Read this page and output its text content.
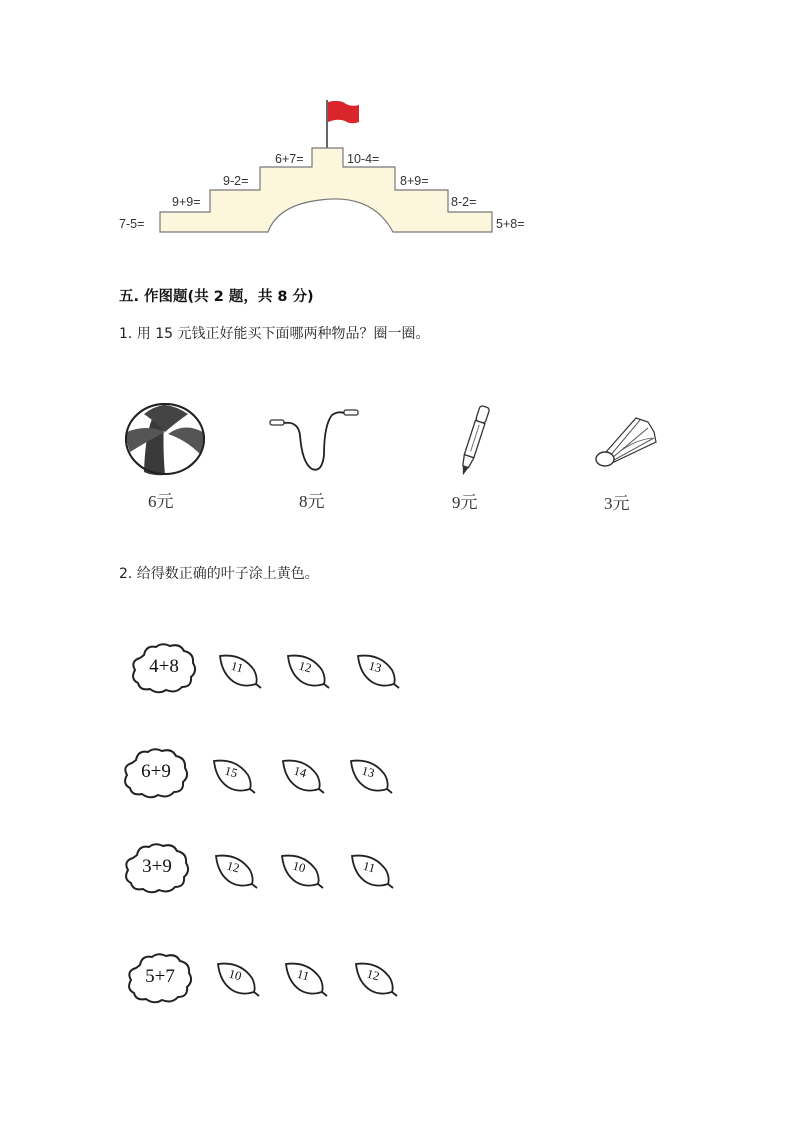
7-5=
9+9=
9-2=
6+7=	10-4=
8+9=
8-2=
5+8=
五. 作图题(共 2 题，共 8 分)
1. 用 15 元钱正好能买下面哪两种物品？圈一圈。
6元	8元	9元	3元
2. 给得数正确的叶子涂上黄色。
4+8	11	12	13
6+9	15	14	13
3+9	12	10	11
5+7	10	11	12
